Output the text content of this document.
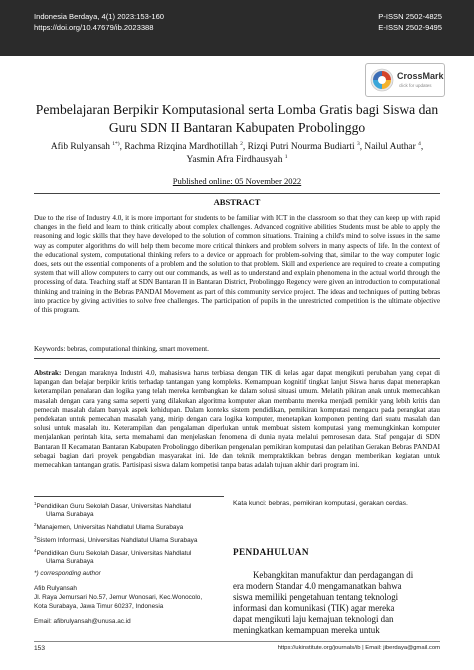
Indonesia Berdaya, 4(1) 2023:153-160
https://doi.org/10.47679/ib.2023388
P-ISSN 2502-4825
E-ISSN 2502-9495
CrossMark
click for updates
Pembelajaran Berpikir Komputasional serta Lomba Gratis bagi Siswa dan
Guru SDN II Bantaran Kabupaten Probolinggo
Afib Rulyansah $^{1*)}$, Rachma Rizqina Mardhotillah $^2$, Rizqi Putri Nourma Budiarti $^3$, Nailul Authar $^4$,
Yasmin Afra Firdhausyah $^1$
Published online: 05 November 2022
ABSTRACT
Due to the rise of Industry 4.0, it is more important for students to be familiar with ICT in the classroom so that they can keep up with rapid changes in the field and learn to think critically about complex challenges. Advanced cognitive abilities Students must be able to apply the reasoning and logic skills that they have developed to the solution of common situations. Training a child's mind to solve issues in the same way as computer algorithms do will help them become more critical thinkers and problem solvers in many aspects of life. In the context of the educational system, computational thinking refers to a device or approach for problem-solving that, similar to the way computer logic does, sets out the essential components of a problem and the solution to that problem. Skill and experience are required to create a computing system that will allow computers to carry out our commands, as well as to understand and explain phenomena in the actual world through the processing of data. Teaching staff at SDN Bantaran II in Bantaran District, Probolinggo Regency were given an introduction to computational thinking and training in the Bebras PANDAI Movement as part of this community service project. The ideas and techniques of putting bebras into practice by giving activities to solve free challenges. The participation of pupils in the unrestricted competition is the ultimate objective of this program.
Keywords: bebras, computational thinking, smart movement.
Abstrak: Dengan maraknya Industri 4.0, mahasiswa harus terbiasa dengan TIK di kelas agar dapat mengikuti perubahan yang cepat di lapangan dan belajar berpikir kritis terhadap tantangan yang kompleks. Kemampuan kognitif tingkat lanjut Siswa harus dapat menerapkan keterampilan penalaran dan logika yang telah mereka kembangkan ke dalam solusi situasi umum. Melatih pikiran anak untuk memecahkan masalah dengan cara yang sama seperti yang dilakukan algoritma komputer akan membantu mereka menjadi pemikir yang lebih kritis dan pemecah masalah dalam banyak aspek kehidupan. Dalam konteks sistem pendidikan, pemikiran komputasi mengacu pada perangkat atau pendekatan untuk pemecahan masalah yang, mirip dengan cara logika komputer, menetapkan komponen penting dari suatu masalah dan solusi untuk masalah itu. Keterampilan dan pengalaman diperlukan untuk membuat sistem komputasi yang memungkinkan komputer menjalankan perintah kita, serta memahami dan menjelaskan fenomena di dunia nyata melalui pemrosesan data. Staf pengajar di SDN Bantaran II Kecamatan Bantaran Kabupaten Probolinggo diberikan pengenalan pemikiran komputasi dan pelatihan Gerakan Bebras PANDAI sebagai bagian dari proyek pengabdian masyarakat ini. Ide dan teknik mempraktikkan bebras dengan memberikan kegiatan untuk memecahkan tantangan gratis. Partisipasi siswa dalam kompetisi tanpa batas adalah tujuan akhir dari program ini.
$^1$Pendidikan Guru Sekolah Dasar, Universitas Nahdlatul
Ulama Surabaya
$^2$Manajemen, Universitas Nahdlatul Ulama Surabaya
$^3$Sistem Informasi, Universitas Nahdlatul Ulama Surabaya
$^4$Pendidikan Guru Sekolah Dasar, Universitas Nahdlatul
Ulama Surabaya
*) corresponding author
Afib Rulyansah
Jl. Raya Jemursari No.57, Jemur Wonosari, Kec.Wonocolo,
Kota Surabaya, Jawa Timur 60237, Indonesia
Email: afibrulyansah@unusa.ac.id
Kata kunci: bebras, pemikiran komputasi, gerakan cerdas.
PENDAHULUAN
Kebangkitan manufaktur dan perdagangan di
era modern Standar 4.0 mengamanatkan bahwa
siswa memiliki pengetahuan tentang teknologi
informasi dan komunikasi (TIK) agar mereka
dapat mengikuti laju kemajuan teknologi dan
meningkatkan kemampuan mereka untuk
153	https://ukinstitute.org/journals/ib | Email: jiberdaya@gmail.com
